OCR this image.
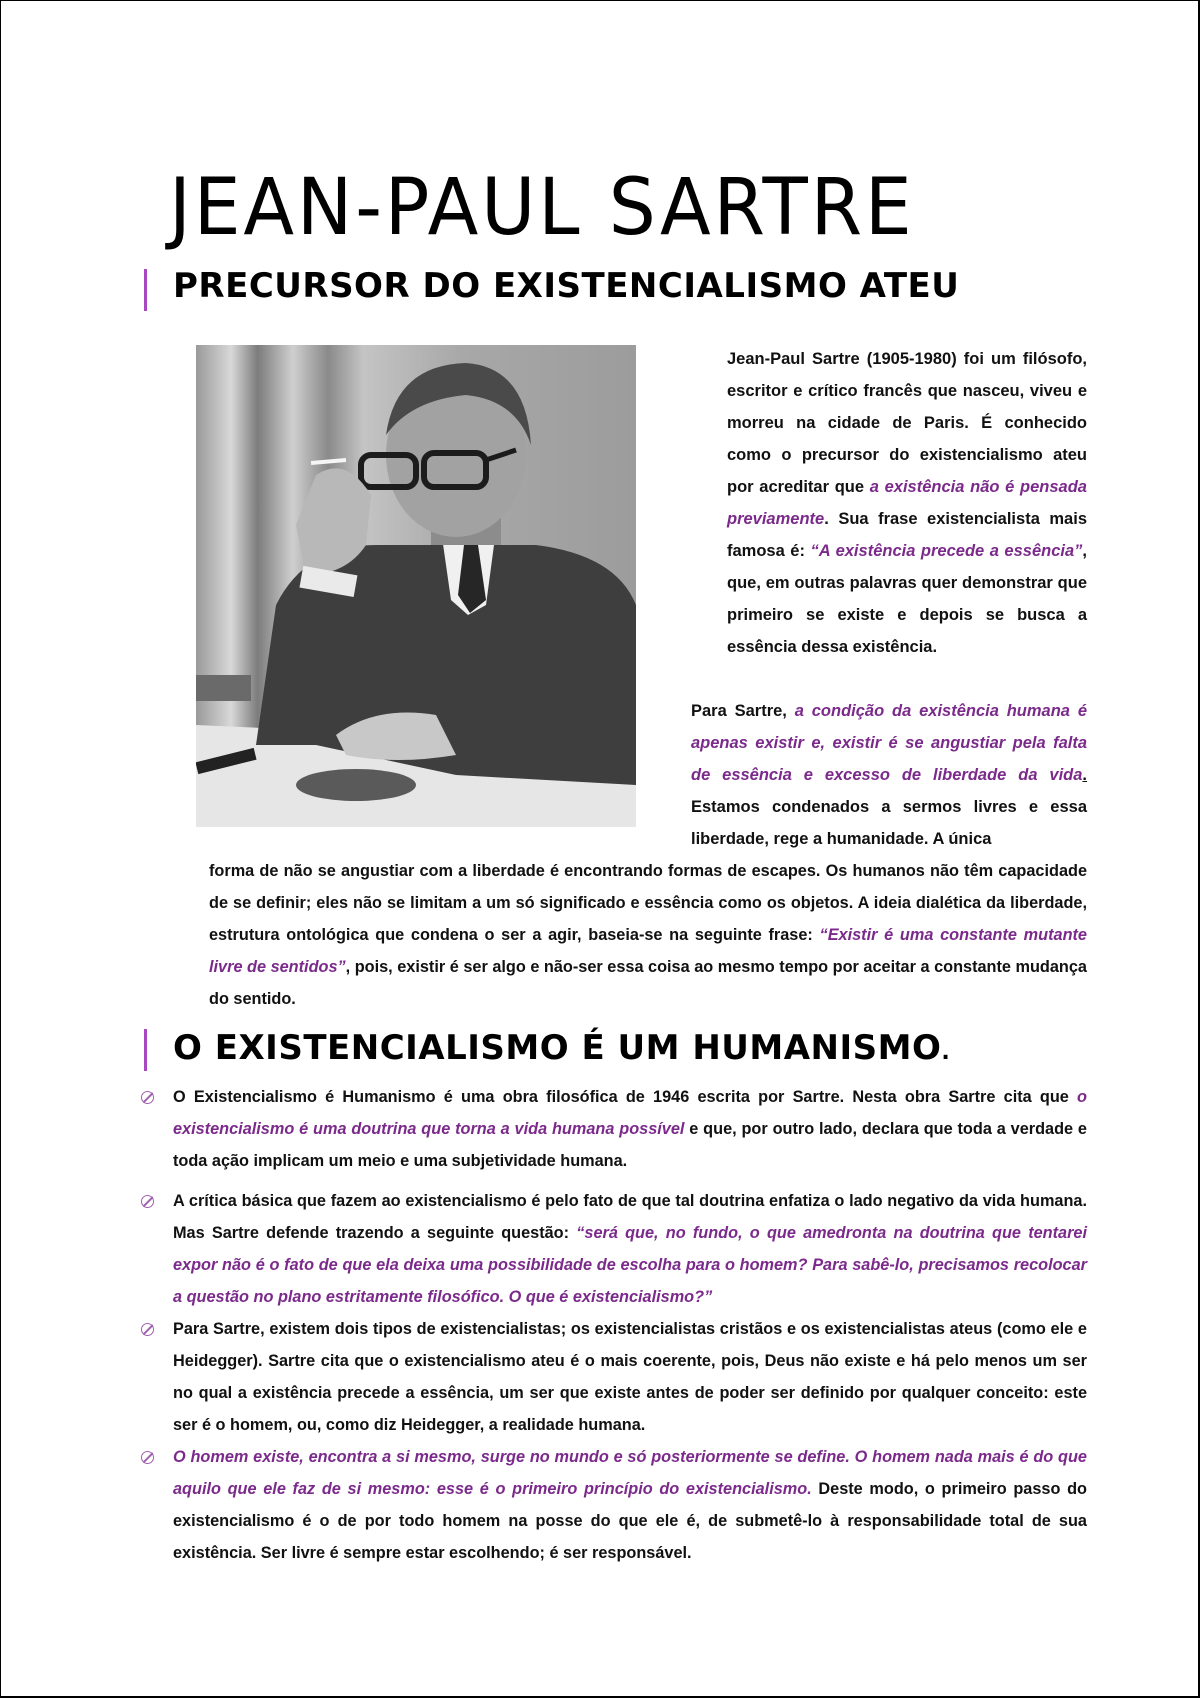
JEAN-PAUL SARTRE
PRECURSOR DO EXISTENCIALISMO ATEU

Jean-Paul Sartre (1905-1980) foi um filósofo, escritor e crítico francês que nasceu, viveu e morreu na cidade de Paris. É conhecido como o precursor do existencialismo ateu por acreditar que a existência não é pensada previamente. Sua frase existencialista mais famosa é: “A existência precede a essência”, que, em outras palavras quer demonstrar que primeiro se existe e depois se busca a essência dessa existência.

Para Sartre, a condição da existência humana é apenas existir e, existir é se angustiar pela falta de essência e excesso de liberdade da vida. Estamos condenados a sermos livres e essa liberdade, rege a humanidade. A única

forma de não se angustiar com a liberdade é encontrando formas de escapes. Os humanos não têm capacidade de se definir; eles não se limitam a um só significado e essência como os objetos. A ideia dialética da liberdade, estrutura ontológica que condena o ser a agir, baseia-se na seguinte frase: “Existir é uma constante mutante livre de sentidos”, pois, existir é ser algo e não-ser essa coisa ao mesmo tempo por aceitar a constante mudança do sentido.

O EXISTENCIALISMO É UM HUMANISMO.

O Existencialismo é Humanismo é uma obra filosófica de 1946 escrita por Sartre. Nesta obra Sartre cita que o existencialismo é uma doutrina que torna a vida humana possível e que, por outro lado, declara que toda a verdade e toda ação implicam um meio e uma subjetividade humana.

A crítica básica que fazem ao existencialismo é pelo fato de que tal doutrina enfatiza o lado negativo da vida humana. Mas Sartre defende trazendo a seguinte questão: “será que, no fundo, o que amedronta na doutrina que tentarei expor não é o fato de que ela deixa uma possibilidade de escolha para o homem? Para sabê-lo, precisamos recolocar a questão no plano estritamente filosófico. O que é existencialismo?”

Para Sartre, existem dois tipos de existencialistas; os existencialistas cristãos e os existencialistas ateus (como ele e Heidegger). Sartre cita que o existencialismo ateu é o mais coerente, pois, Deus não existe e há pelo menos um ser no qual a existência precede a essência, um ser que existe antes de poder ser definido por qualquer conceito: este ser é o homem, ou, como diz Heidegger, a realidade humana.

O homem existe, encontra a si mesmo, surge no mundo e só posteriormente se define. O homem nada mais é do que aquilo que ele faz de si mesmo: esse é o primeiro princípio do existencialismo. Deste modo, o primeiro passo do existencialismo é o de por todo homem na posse do que ele é, de submetê-lo à responsabilidade total de sua existência. Ser livre é sempre estar escolhendo; é ser responsável.
